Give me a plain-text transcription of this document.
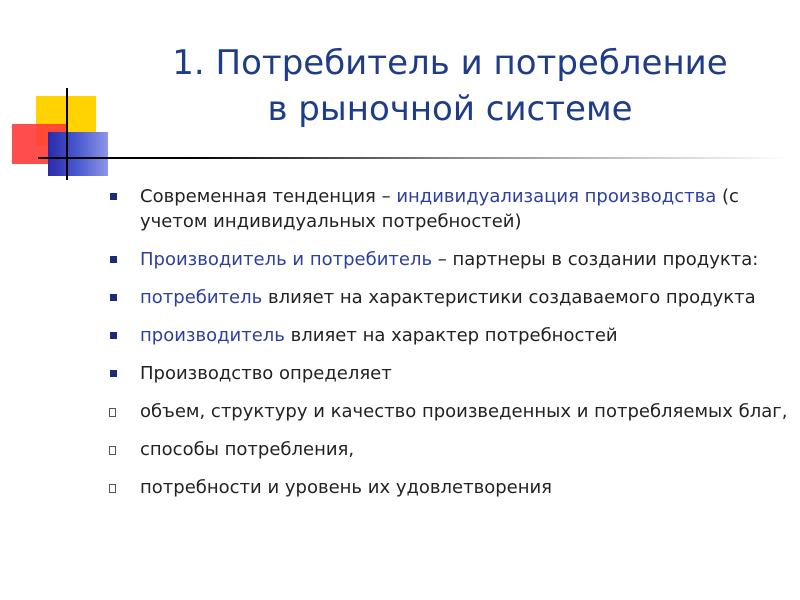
1. Потребитель и потребление
в рыночной системе
Современная тенденция – индивидуализация производства (с учетом индивидуальных потребностей)
Производитель и потребитель – партнеры в создании продукта:
потребитель влияет на характеристики создаваемого продукта
производитель влияет на характер потребностей
Производство определяет
объем, структуру и качество произведенных и потребляемых благ,
способы потребления,
потребности и уровень их удовлетворения
